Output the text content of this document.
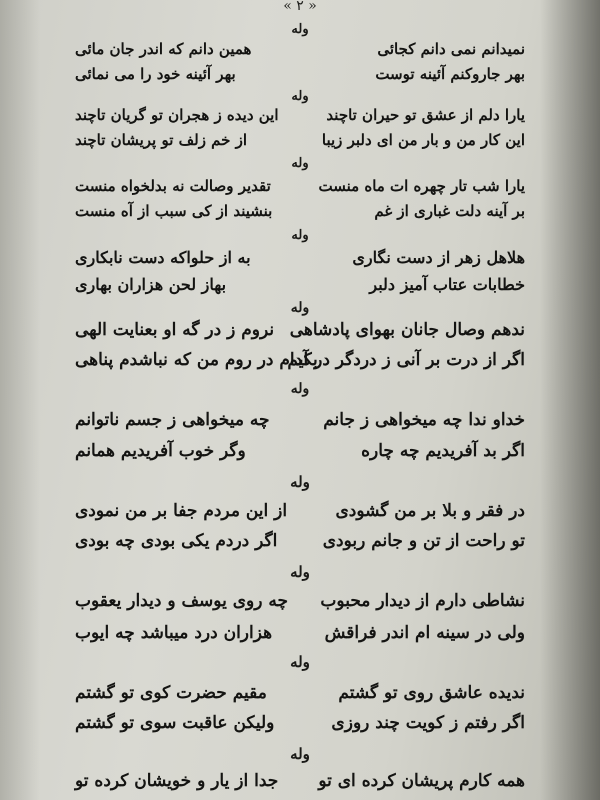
« ۲ »
وله
نمیدانم نمی دانم کجائی
همین دانم که اندر جان مائی
بهر جاروکنم آئینه توست
بهر آئینه خود را می نمائی
وله
یارا دلم از عشق تو حیران تاچند
این دیده ز هجران تو گریان تاچند
این کار من و بار من ای دلبر زیبا
از خم زلف تو پریشان تاچند
وله
یارا شب تار چهره ات ماه منست
تقدیر وصالت نه بدلخواه منست
بر آینه دلت غباری از غم
بنشیند از کی سبب از آه منست
وله
هلاهل زهر از دست نگاری
به از حلواکه دست نابکاری
خطابات عتاب آمیز دلبر
بهاز لحن هزاران بهاری
وله
ندهم وصال جانان بهوای پادشاهی
نروم ز در گه او بعنایت الهی
اگر از درت بر آنی ز دردگر در آیم
بکدام در روم من که نباشدم پناهی
وله
خداو ندا چه میخواهی ز جانم
چه میخواهی ز جسم ناتوانم
اگر بد آفریدیم چه چاره
وگر خوب آفریدیم همانم
وله
در فقر و بلا بر من گشودی
از این مردم جفا بر من نمودی
تو راحت از تن و جانم ربودی
اگر دردم یکی بودی چه بودی
وله
نشاطی دارم از دیدار محبوب
چه روی یوسف و دیدار یعقوب
ولی در سینه ام اندر فراقش
هزاران درد میباشد چه ایوب
وله
ندیده عاشق روی تو گشتم
مقیم حضرت کوی تو گشتم
اگر رفتم ز کویت چند روزی
ولیکن عاقبت سوی تو گشتم
وله
همه کارم پریشان کرده ای تو
جدا از یار و خویشان کرده تو
